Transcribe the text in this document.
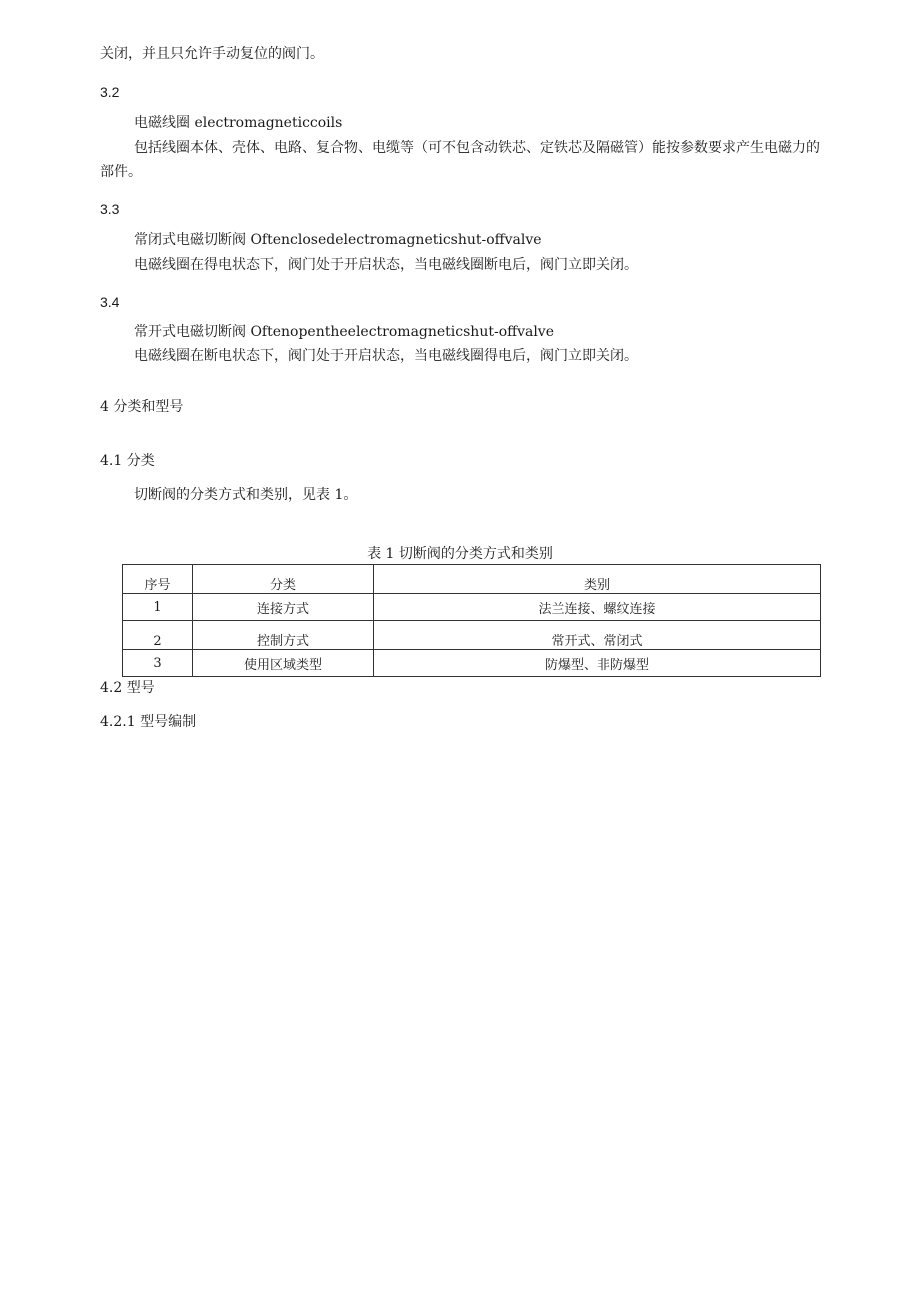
关闭，并且只允许手动复位的阀门。
3.2
电磁线圈 electromagneticcoils
包括线圈本体、壳体、电路、复合物、电缆等（可不包含动铁芯、定铁芯及隔磁管）能按参数要求产生电磁力的部件。
3.3
常闭式电磁切断阀 Oftenclosedelectromagneticshut-offvalve
电磁线圈在得电状态下，阀门处于开启状态，当电磁线圈断电后，阀门立即关闭。
3.4
常开式电磁切断阀 Oftenopentheelectromagneticshut-offvalve
电磁线圈在断电状态下，阀门处于开启状态，当电磁线圈得电后，阀门立即关闭。
4 分类和型号
4.1 分类
切断阀的分类方式和类别，见表 1。
表 1 切断阀的分类方式和类别
序号	分类	类别
1	连接方式	法兰连接、螺纹连接
2	控制方式	常开式、常闭式
3	使用区域类型	防爆型、非防爆型
4.2 型号
4.2.1 型号编制
